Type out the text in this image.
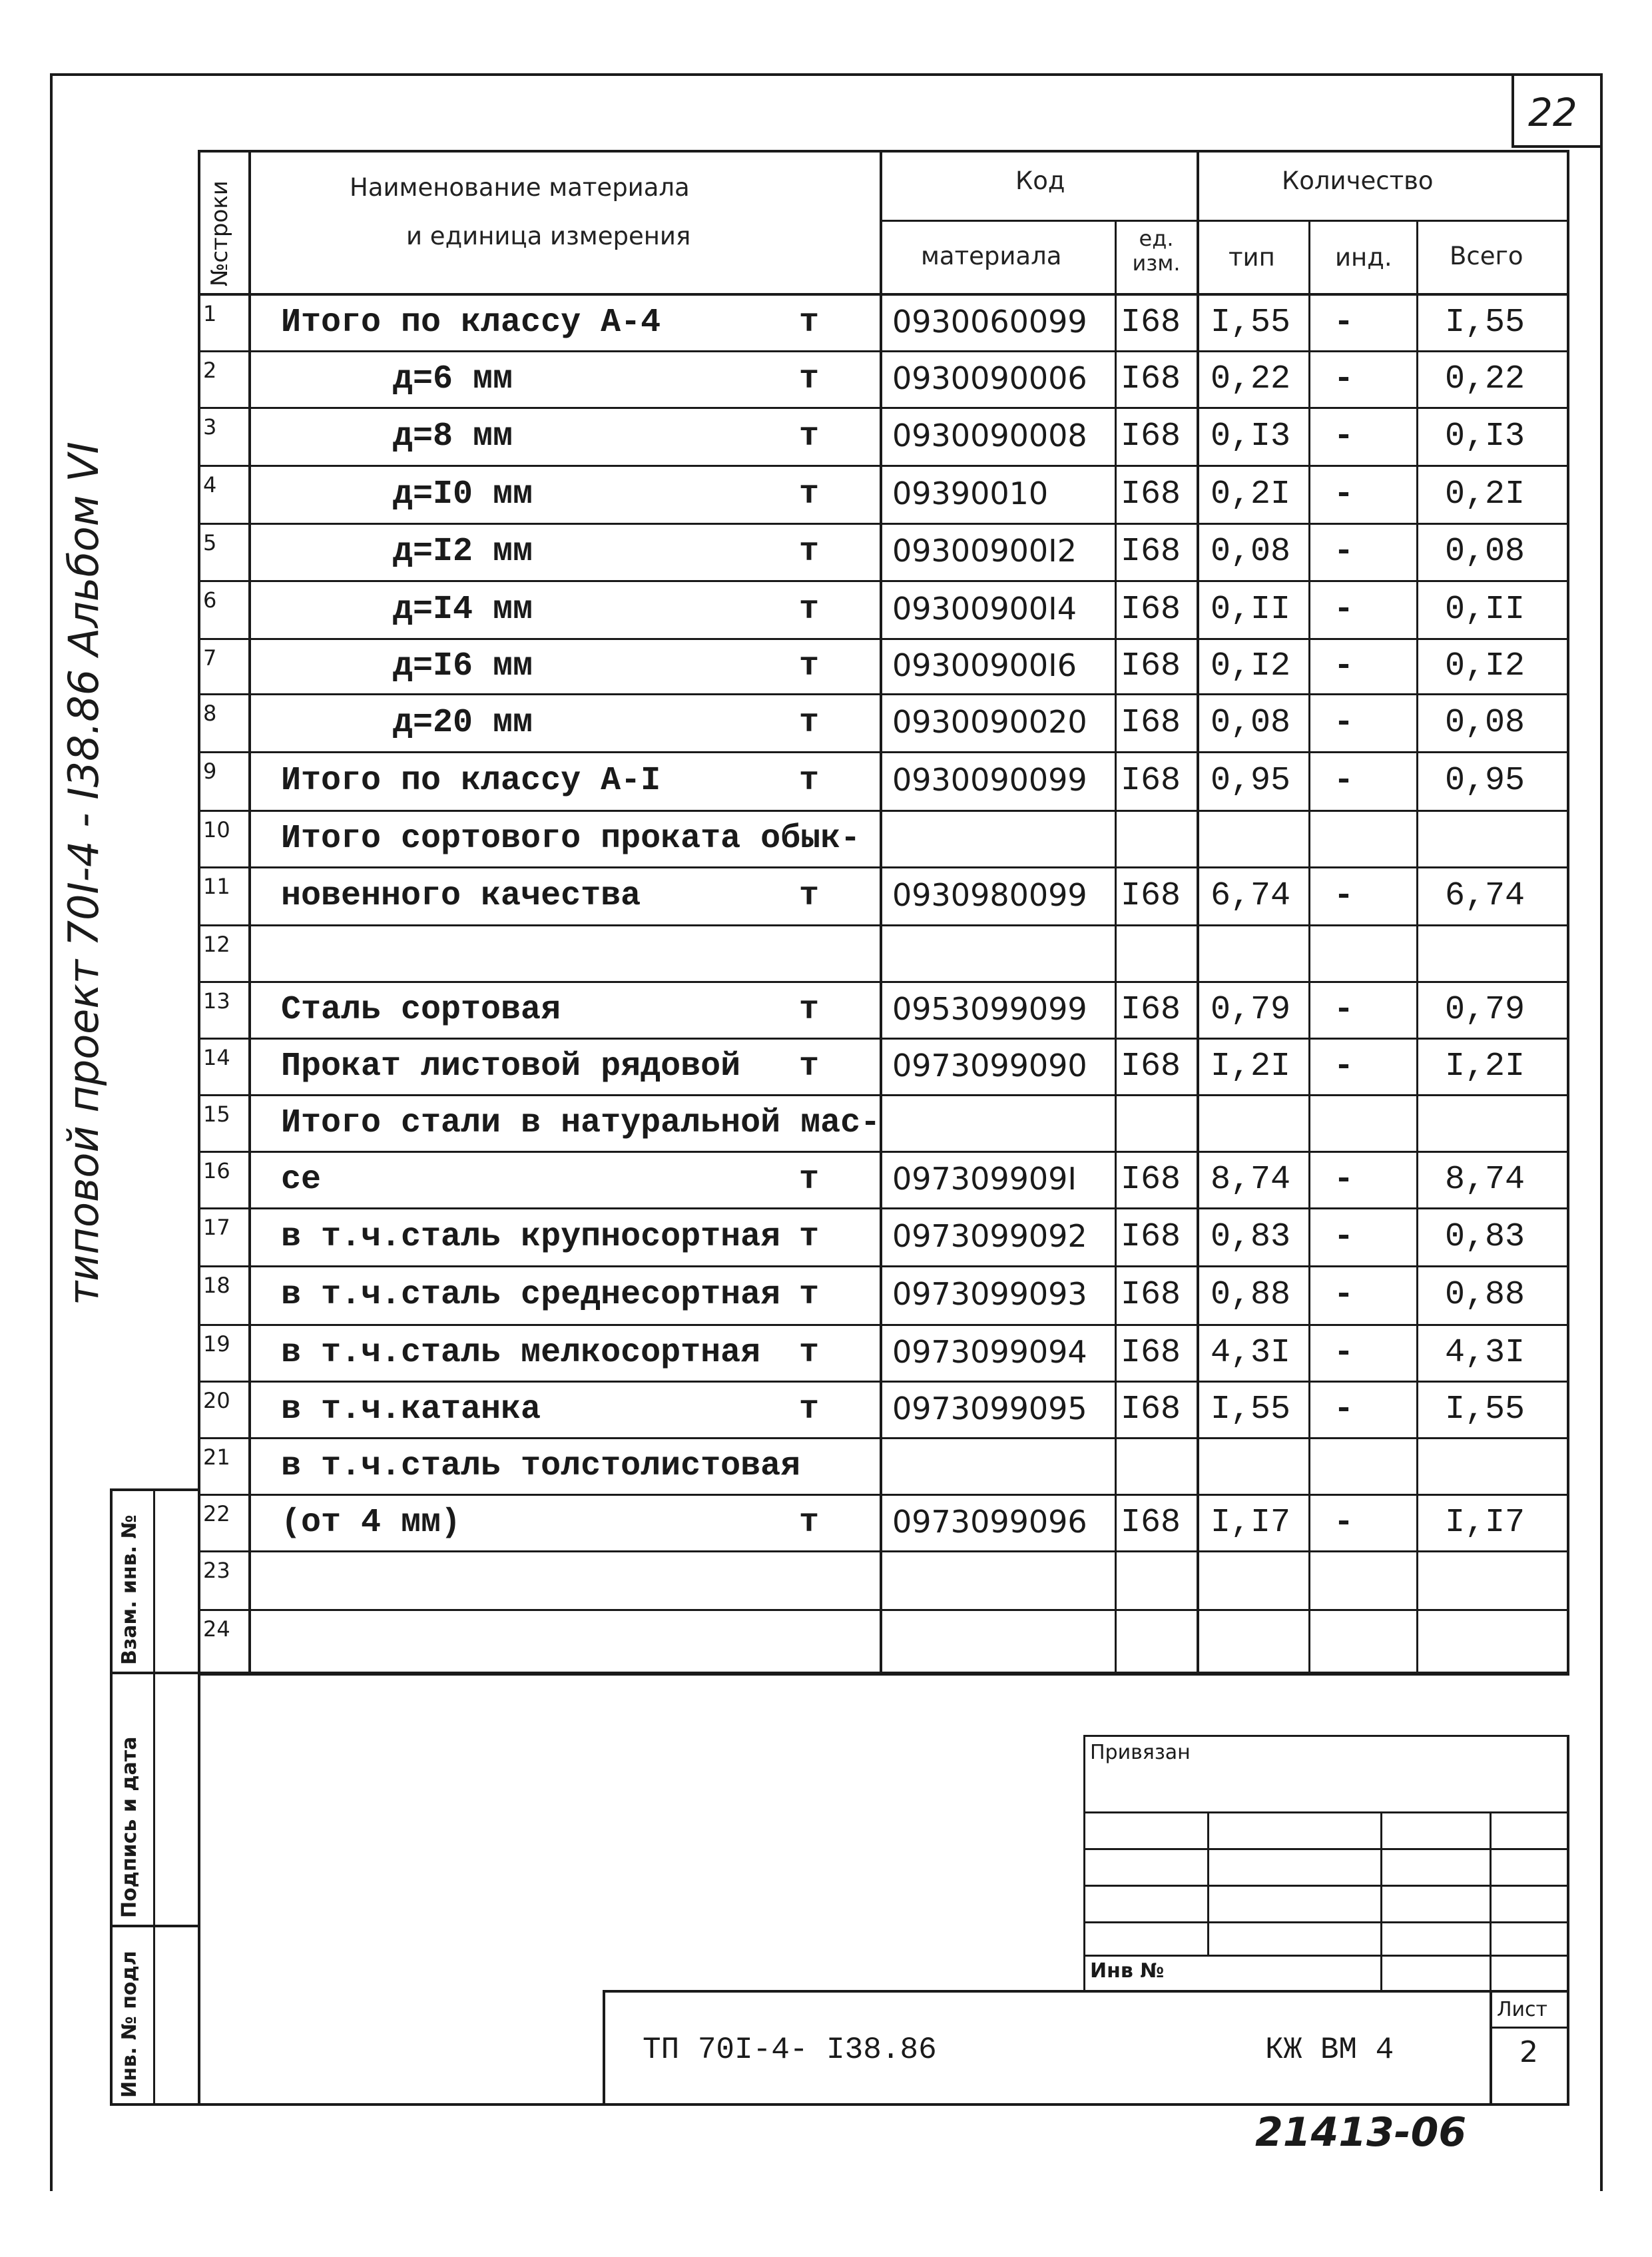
22
типовой проект 70I-4 - I38.86 Альбом VI
Взам. инв. №
Подпись и дата
Инв. № подл
№строки	Наименование материала
и единица измерения
Код	Количество
материала
ед. изм.	тип инд. Всего
1 Итого по классу А-4	т 0930060099 I68 I,55 -	I,55
2	д=6 мм	т 0930090006 I68 0,22 -	0,22
3	д=8 мм	т 0930090008 I68 0,I3 -	0,I3
4	д=I0 мм	т 09390010 I68 0,2I -	0,2I
5	д=I2 мм	т 09300900I2 I68 0,08 -	0,08
6	д=I4 мм	т 09300900I4 I68 0,II -	0,II
7	д=I6 мм	т 09300900I6 I68 0,I2 -	0,I2
8	д=20 мм	т 0930090020 I68 0,08 -	0,08
9 Итого по классу А-I	т 0930090099 I68 0,95 -	0,95
10 Итого сортового проката обык-
11 новенного качества	т 0930980099 I68 6,74 -	6,74
12
13 Сталь сортовая	т 0953099099 I68 0,79 -	0,79
14 Прокат листовой рядовой т 0973099090 I68 I,2I -	I,2I
15 Итого стали в натуральной мас-
16 се	т 097309909I I68 8,74 -	8,74
17 в т.ч.сталь крупносортная т 0973099092 I68 0,83 -	0,83
18 в т.ч.сталь среднесортная т 0973099093 I68 0,88 -	0,88
19 в т.ч.сталь мелкосортная т 0973099094 I68 4,3I -	4,3I
20 в т.ч.катанка	т 0973099095 I68 I,55 -	I,55
21 в т.ч.сталь толстолистовая
22 (от 4 мм)	т 0973099096 I68 I,I7 -	I,I7
23
24
Привязан
Инв №
ТП 70I-4- I38.86	КЖ ВМ 4
Лист
2
21413-06
